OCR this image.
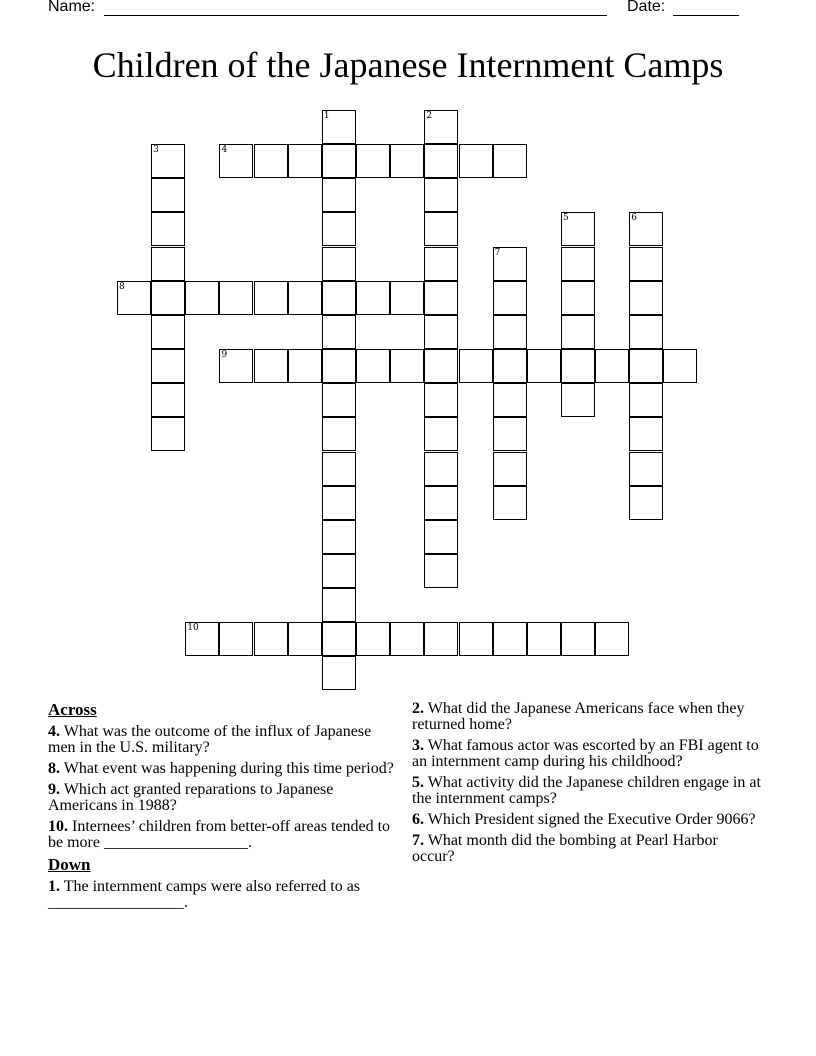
Name:	Date:
Children of the Japanese Internment Camps
1	2
3	4
5	6
7
8
9
10
Across
4. What was the outcome of the influx of Japanese men in the U.S. military?
8. What event was happening during this time period?
9. Which act granted reparations to Japanese Americans in 1988?
10. Internees’ children from better-off areas tended to be more __________________.
Down
1. The internment camps were also referred to as _________________.
2. What did the Japanese Americans face when they returned home?
3. What famous actor was escorted by an FBI agent to an internment camp during his childhood?
5. What activity did the Japanese children engage in at the internment camps?
6. Which President signed the Executive Order 9066?
7. What month did the bombing at Pearl Harbor occur?
